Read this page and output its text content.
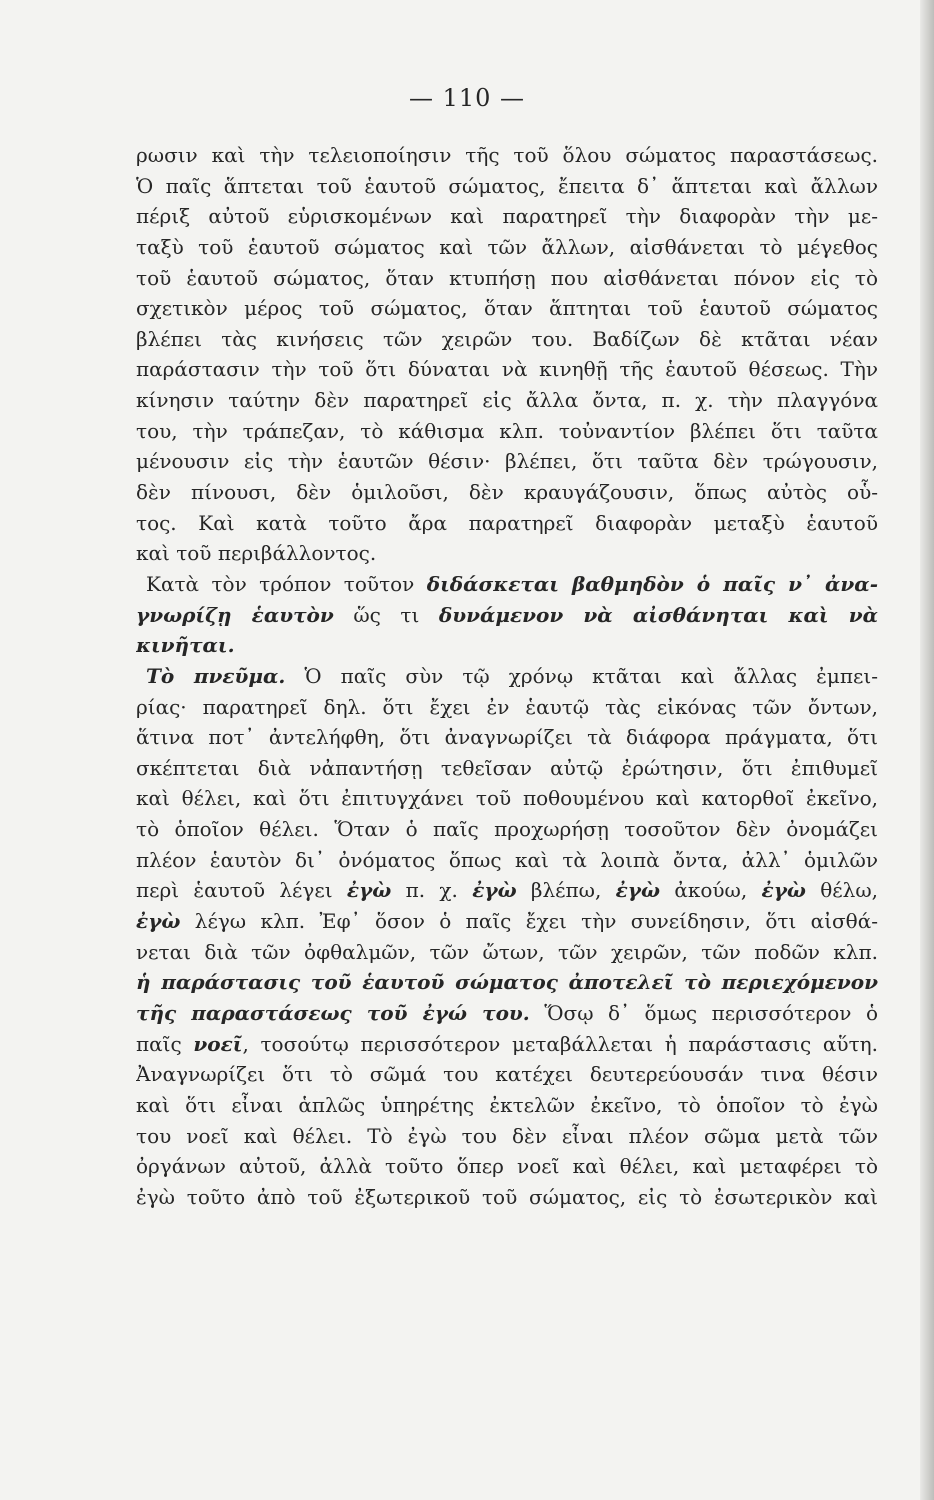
— 110 —
ρωσιν καὶ τὴν τελειοποίησιν τῆς τοῦ ὅλου σώματος παραστάσεως.
Ὁ παῖς ἅπτεται τοῦ ἑαυτοῦ σώματος, ἔπειτα δ᾽ ἅπτεται καὶ ἄλλων
πέριξ αὐτοῦ εὑρισκομένων καὶ παρατηρεῖ τὴν διαφορὰν τὴν με-
ταξὺ τοῦ ἑαυτοῦ σώματος καὶ τῶν ἄλλων, αἰσθάνεται τὸ μέγεθος
τοῦ ἑαυτοῦ σώματος, ὅταν κτυπήσῃ που αἰσθάνεται πόνον εἰς τὸ
σχετικὸν μέρος τοῦ σώματος, ὅταν ἅπτηται τοῦ ἑαυτοῦ σώματος
βλέπει τὰς κινήσεις τῶν χειρῶν του. Βαδίζων δὲ κτᾶται νέαν
παράστασιν τὴν τοῦ ὅτι δύναται νὰ κινηθῇ τῆς ἑαυτοῦ θέσεως. Τὴν
κίνησιν ταύτην δὲν παρατηρεῖ εἰς ἄλλα ὄντα, π. χ. τὴν πλαγγόνα
του, τὴν τράπεζαν, τὸ κάθισμα κλπ. τοὐναντίον βλέπει ὅτι ταῦτα
μένουσιν εἰς τὴν ἑαυτῶν θέσιν· βλέπει, ὅτι ταῦτα δὲν τρώγουσιν,
δὲν πίνουσι, δὲν ὁμιλοῦσι, δὲν κραυγάζουσιν, ὅπως αὐτὸς οὗ-
τος. Καὶ κατὰ τοῦτο ἄρα παρατηρεῖ διαφορὰν μεταξὺ ἑαυτοῦ
καὶ τοῦ περιβάλλοντος.
Κατὰ τὸν τρόπον τοῦτον διδάσκεται βαθμηδὸν ὁ παῖς ν᾽ ἀνα-
γνωρίζῃ ἑαυτὸν ὥς τι δυνάμενον νὰ αἰσθάνηται καὶ νὰ
κινῆται.
Τὸ πνεῦμα. Ὁ παῖς σὺν τῷ χρόνῳ κτᾶται καὶ ἄλλας ἐμπει-
ρίας· παρατηρεῖ δηλ. ὅτι ἔχει ἐν ἑαυτῷ τὰς εἰκόνας τῶν ὄντων,
ἅτινα ποτ᾽ ἀντελήφθη, ὅτι ἀναγνωρίζει τὰ διάφορα πράγματα, ὅτι
σκέπτεται διὰ νἀπαντήσῃ τεθεῖσαν αὐτῷ ἐρώτησιν, ὅτι ἐπιθυμεῖ
καὶ θέλει, καὶ ὅτι ἐπιτυγχάνει τοῦ ποθουμένου καὶ κατορθοῖ ἐκεῖνο,
τὸ ὁποῖον θέλει. Ὅταν ὁ παῖς προχωρήσῃ τοσοῦτον δὲν ὀνομάζει
πλέον ἑαυτὸν δι᾽ ὀνόματος ὅπως καὶ τὰ λοιπὰ ὄντα, ἀλλ᾽ ὁμιλῶν
περὶ ἑαυτοῦ λέγει ἐγὼ π. χ. ἐγὼ βλέπω, ἐγὼ ἀκούω, ἐγὼ θέλω,
ἐγὼ λέγω κλπ. Ἐφ᾽ ὅσον ὁ παῖς ἔχει τὴν συνείδησιν, ὅτι αἰσθά-
νεται διὰ τῶν ὀφθαλμῶν, τῶν ὤτων, τῶν χειρῶν, τῶν ποδῶν κλπ.
ἡ παράστασις τοῦ ἑαυτοῦ σώματος ἀποτελεῖ τὸ περιεχόμενον
τῆς παραστάσεως τοῦ ἐγώ του. Ὅσῳ δ᾽ ὅμως περισσότερον ὁ
παῖς νοεῖ, τοσούτῳ περισσότερον μεταβάλλεται ἡ παράστασις αὕτη.
Ἀναγνωρίζει ὅτι τὸ σῶμά του κατέχει δευτερεύουσάν τινα θέσιν
καὶ ὅτι εἶναι ἁπλῶς ὑπηρέτης ἐκτελῶν ἐκεῖνο, τὸ ὁποῖον τὸ ἐγὼ
του νοεῖ καὶ θέλει. Τὸ ἐγὼ του δὲν εἶναι πλέον σῶμα μετὰ τῶν
ὀργάνων αὐτοῦ, ἀλλὰ τοῦτο ὅπερ νοεῖ καὶ θέλει, καὶ μεταφέρει τὸ
ἐγὼ τοῦτο ἀπὸ τοῦ ἐξωτερικοῦ τοῦ σώματος, εἰς τὸ ἐσωτερικὸν καὶ
